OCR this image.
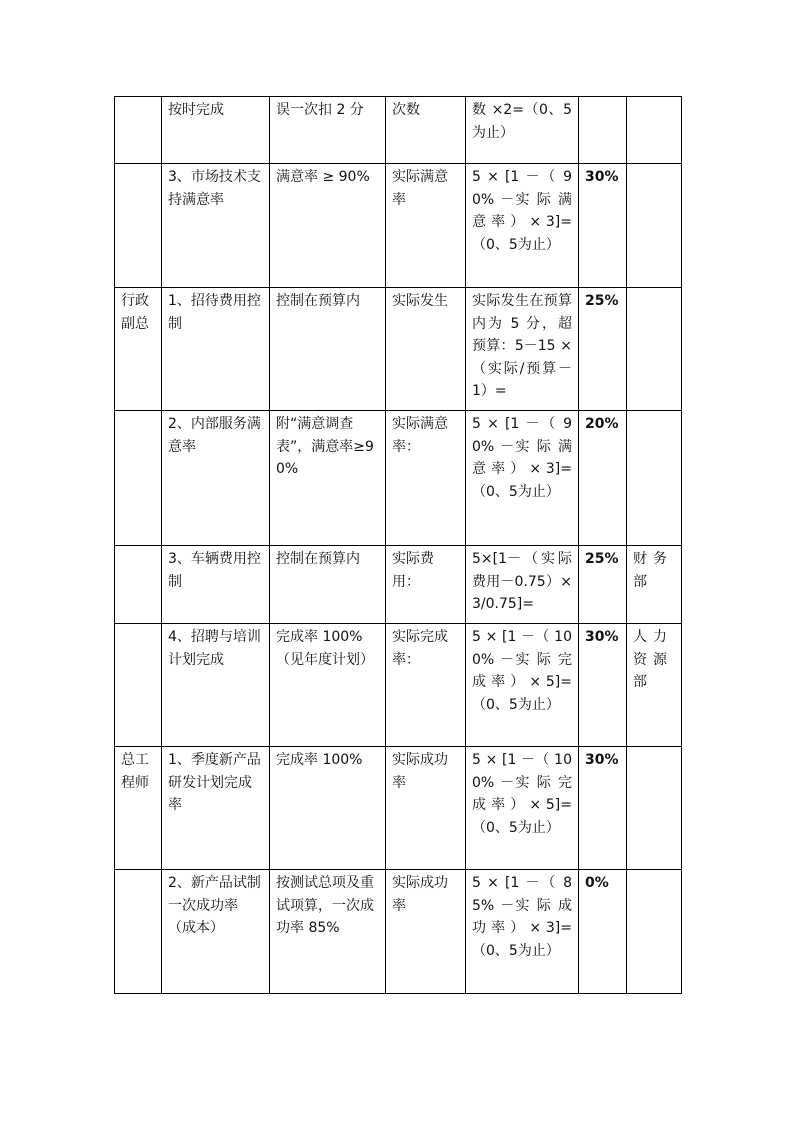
	按时完成	误一次扣 2 分	次数	数 ×2=（0、5为止）		
	3、市场技术支持满意率	满意率 ≥ 90%	实际满意率	5 × [1 －（ 90% －实 际 满 意 率 ） × 3]=（0、5为止）	30%	
行政副总	1、招待费用控制	控制在预算内	实际发生	实际发生在预算内为 5 分，超预算：5－15 ×（实际/预算－1）=	25%	
	2、内部服务满意率	附“满意调查表”，满意率≥90%	实际满意率：	5 × [1 －（ 90% －实 际 满 意 率 ） × 3]=（0、5为止）	20%	
	3、车辆费用控制	控制在预算内	实际费用：	5×[1－（实际费用－0.75）×3/0.75]=	25%	财务部
	4、招聘与培训计划完成	完成率 100%（见年度计划）	实际完成率：	5 × [1 －（ 100% －实 际 完 成 率 ） × 5]=（0、5为止）	30%	人力资源部
总工程师	1、季度新产品研发计划完成率	完成率 100%	实际成功率	5 × [1 －（ 100% －实 际 完 成 率 ） × 5]=（0、5为止）	30%	
	2、新产品试制一次成功率（成本）	按测试总项及重试项算，一次成功率 85%	实际成功率	5 × [1 －（ 85% －实 际 成 功 率 ） × 3]=（0、5为止）	0%	
